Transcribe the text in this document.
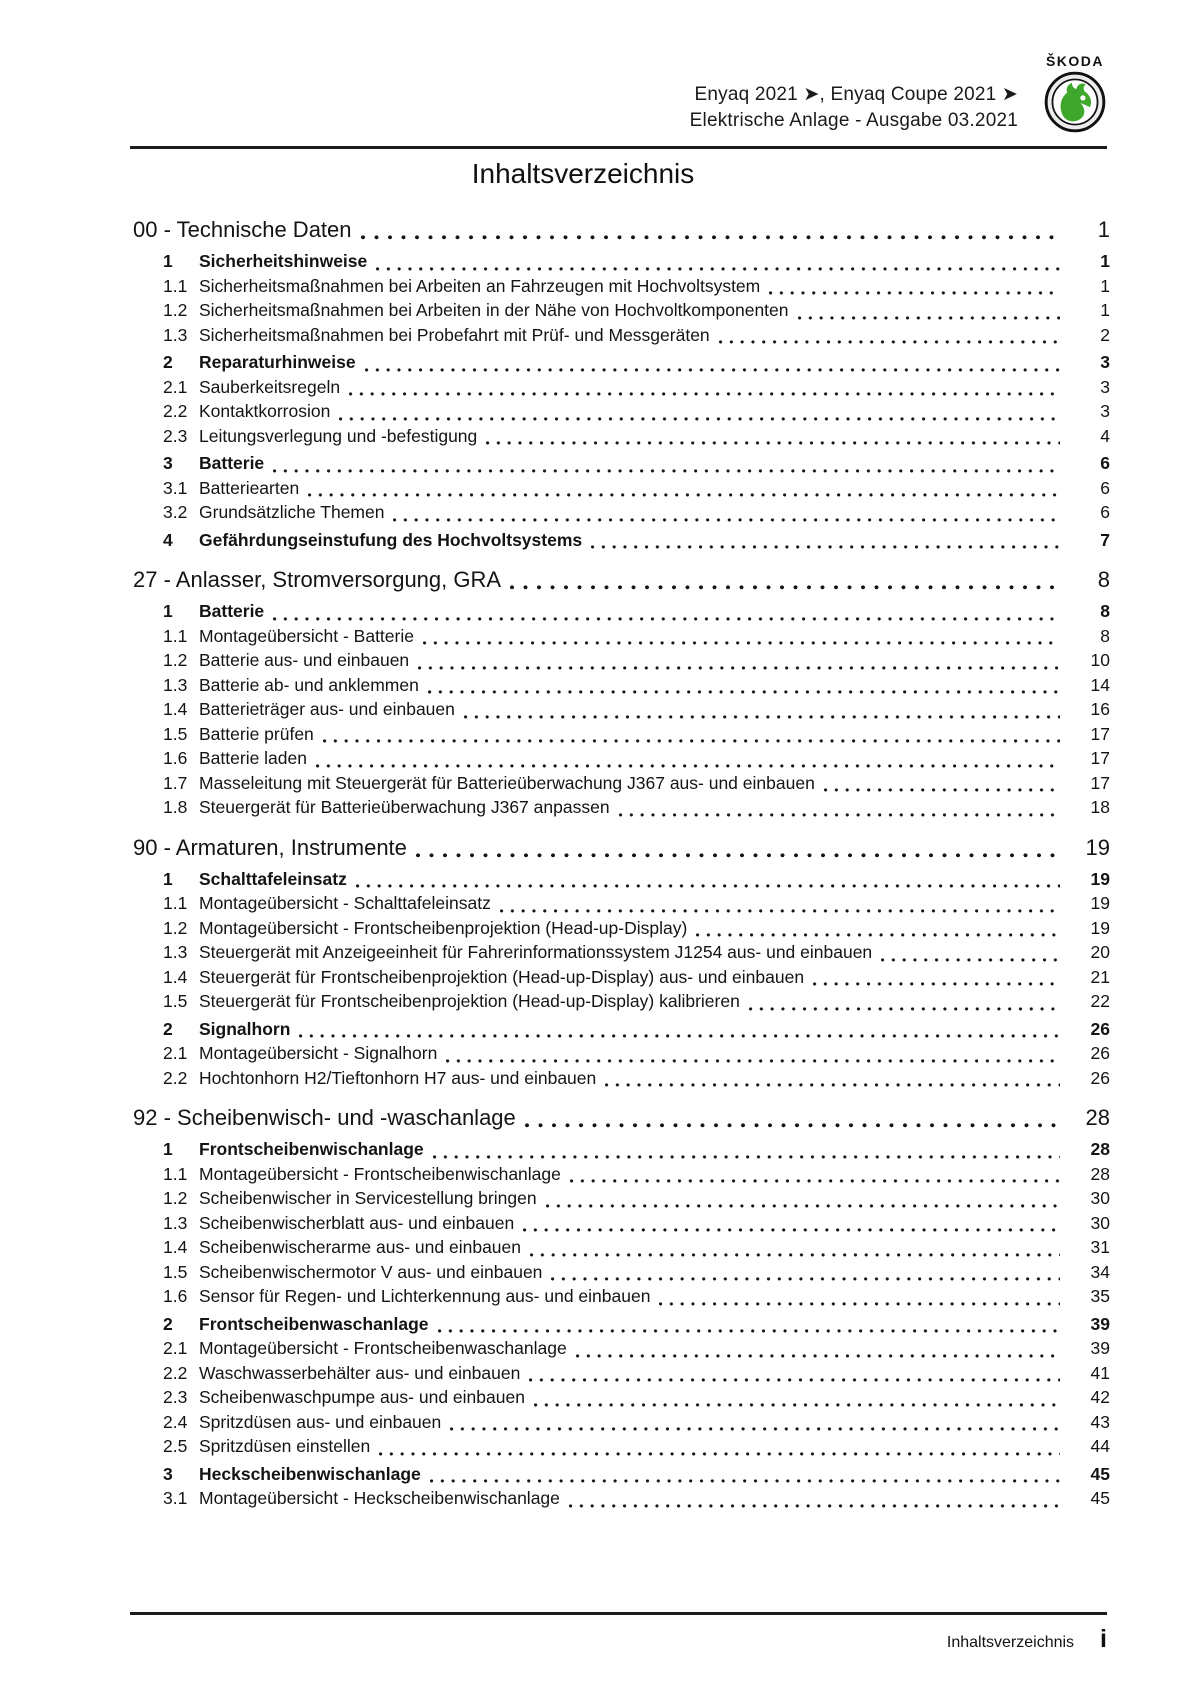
Enyaq 2021 ➤, Enyaq Coupe 2021 ➤
Elektrische Anlage - Ausgabe 03.2021
ŠKODA
Inhaltsverzeichnis
00 - Technische Daten	1
1	Sicherheitshinweise	1
1.1 Sicherheitsmaßnahmen bei Arbeiten an Fahrzeugen mit Hochvoltsystem	1
1.2 Sicherheitsmaßnahmen bei Arbeiten in der Nähe von Hochvoltkomponenten	1
1.3 Sicherheitsmaßnahmen bei Probefahrt mit Prüf- und Messgeräten	2
2	Reparaturhinweise	3
2.1 Sauberkeitsregeln	3
2.2 Kontaktkorrosion	3
2.3 Leitungsverlegung und -befestigung	4
3	Batterie	6
3.1 Batteriearten	6
3.2 Grundsätzliche Themen	6
4	Gefährdungseinstufung des Hochvoltsystems	7
27 - Anlasser, Stromversorgung, GRA	8
1	Batterie	8
1.1 Montageübersicht - Batterie	8
1.2 Batterie aus- und einbauen	10
1.3 Batterie ab- und anklemmen	14
1.4 Batterieträger aus- und einbauen	16
1.5 Batterie prüfen	17
1.6 Batterie laden	17
1.7 Masseleitung mit Steuergerät für Batterieüberwachung J367 aus- und einbauen	17
1.8 Steuergerät für Batterieüberwachung J367 anpassen	18
90 - Armaturen, Instrumente	19
1	Schalttafeleinsatz	19
1.1 Montageübersicht - Schalttafeleinsatz	19
1.2 Montageübersicht - Frontscheibenprojektion (Head-up-Display)	19
1.3 Steuergerät mit Anzeigeeinheit für Fahrerinformationssystem J1254 aus- und einbauen	20
1.4 Steuergerät für Frontscheibenprojektion (Head-up-Display) aus- und einbauen	21
1.5 Steuergerät für Frontscheibenprojektion (Head-up-Display) kalibrieren	22
2	Signalhorn	26
2.1 Montageübersicht - Signalhorn	26
2.2 Hochtonhorn H2/Tieftonhorn H7 aus- und einbauen	26
92 - Scheibenwisch- und -waschanlage	28
1	Frontscheibenwischanlage	28
1.1 Montageübersicht - Frontscheibenwischanlage	28
1.2 Scheibenwischer in Servicestellung bringen	30
1.3 Scheibenwischerblatt aus- und einbauen	30
1.4 Scheibenwischerarme aus- und einbauen	31
1.5 Scheibenwischermotor V aus- und einbauen	34
1.6 Sensor für Regen- und Lichterkennung aus- und einbauen	35
2	Frontscheibenwaschanlage	39
2.1 Montageübersicht - Frontscheibenwaschanlage	39
2.2 Waschwasserbehälter aus- und einbauen	41
2.3 Scheibenwaschpumpe aus- und einbauen	42
2.4 Spritzdüsen aus- und einbauen	43
2.5 Spritzdüsen einstellen	44
3	Heckscheibenwischanlage	45
3.1 Montageübersicht - Heckscheibenwischanlage	45
Inhaltsverzeichnis i
